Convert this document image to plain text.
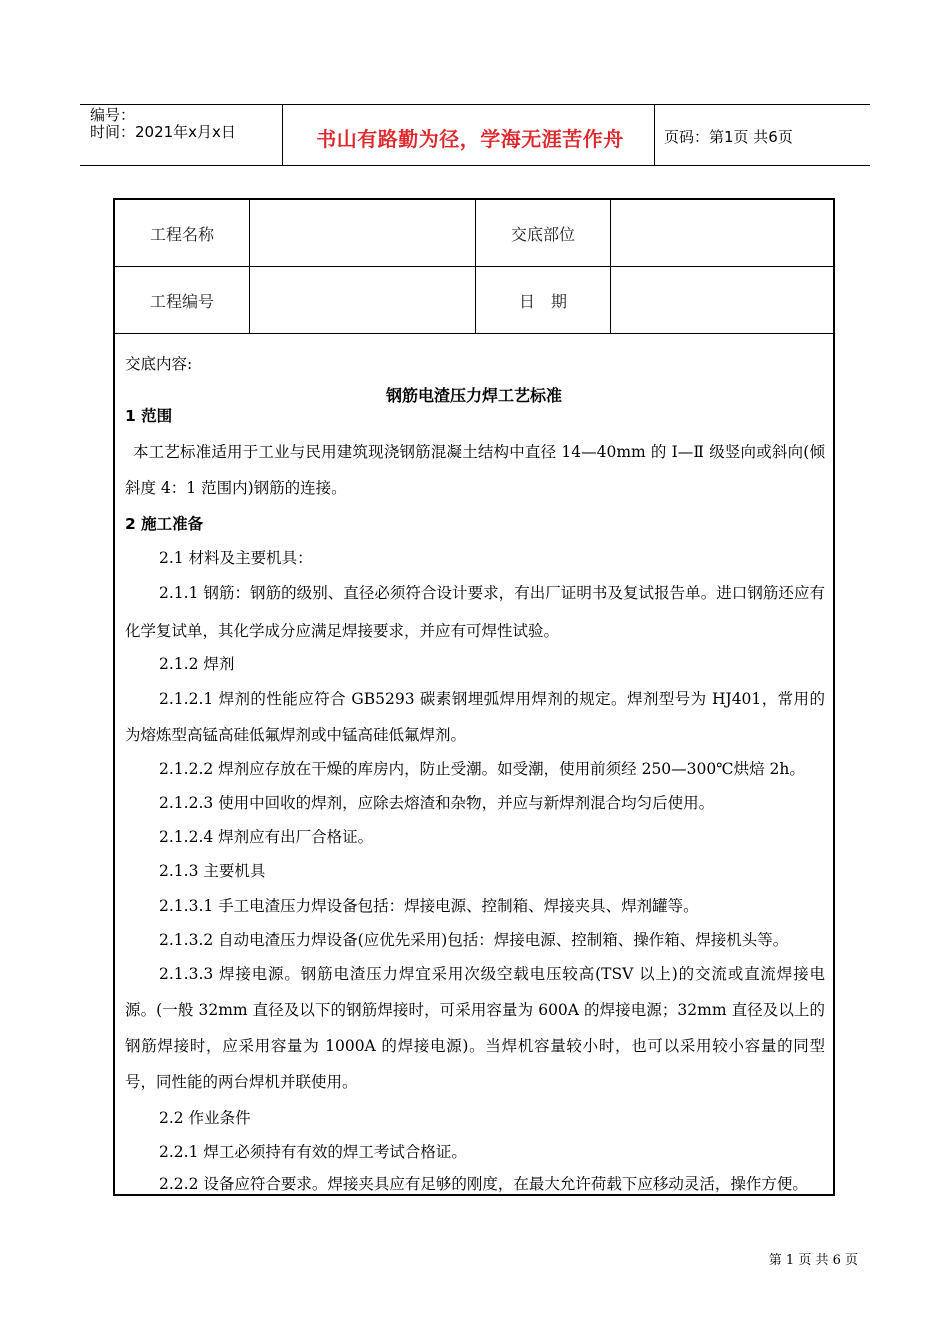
编号：
时间：2021年x月x日	书山有路勤为径，学海无涯苦作舟	页码：第1页 共6页
工程名称	交底部位
工程编号	日　期
交底内容:
钢筋电渣压力焊工艺标准
1 范围
本工艺标准适用于工业与民用建筑现浇钢筋混凝土结构中直径 14—40mm 的 I—Ⅱ 级竖向或斜向(倾斜度 4：1 范围内)钢筋的连接。
2 施工准备
2.1 材料及主要机具：
2.1.1 钢筋：钢筋的级别、直径必须符合设计要求，有出厂证明书及复试报告单。进口钢筋还应有化学复试单，其化学成分应满足焊接要求，并应有可焊性试验。
2.1.2 焊剂
2.1.2.1 焊剂的性能应符合 GB5293 碳素钢埋弧焊用焊剂的规定。焊剂型号为 HJ401，常用的为熔炼型高锰高硅低氟焊剂或中锰高硅低氟焊剂。
2.1.2.2 焊剂应存放在干燥的库房内，防止受潮。如受潮，使用前须经 250—300℃烘焙 2h。
2.1.2.3 使用中回收的焊剂，应除去熔渣和杂物，并应与新焊剂混合均匀后使用。
2.1.2.4 焊剂应有出厂合格证。
2.1.3 主要机具
2.1.3.1 手工电渣压力焊设备包括：焊接电源、控制箱、焊接夹具、焊剂罐等。
2.1.3.2 自动电渣压力焊设备(应优先采用)包括：焊接电源、控制箱、操作箱、焊接机头等。
2.1.3.3 焊接电源。钢筋电渣压力焊宜采用次级空载电压较高(TSV 以上)的交流或直流焊接电源。(一般 32mm 直径及以下的钢筋焊接时，可采用容量为 600A 的焊接电源；32mm 直径及以上的钢筋焊接时，应采用容量为 1000A 的焊接电源)。当焊机容量较小时，也可以采用较小容量的同型号，同性能的两台焊机并联使用。
2.2 作业条件
2.2.1 焊工必须持有有效的焊工考试合格证。
2.2.2 设备应符合要求。焊接夹具应有足够的刚度，在最大允许荷载下应移动灵活，操作方便。
第 1 页 共 6 页
